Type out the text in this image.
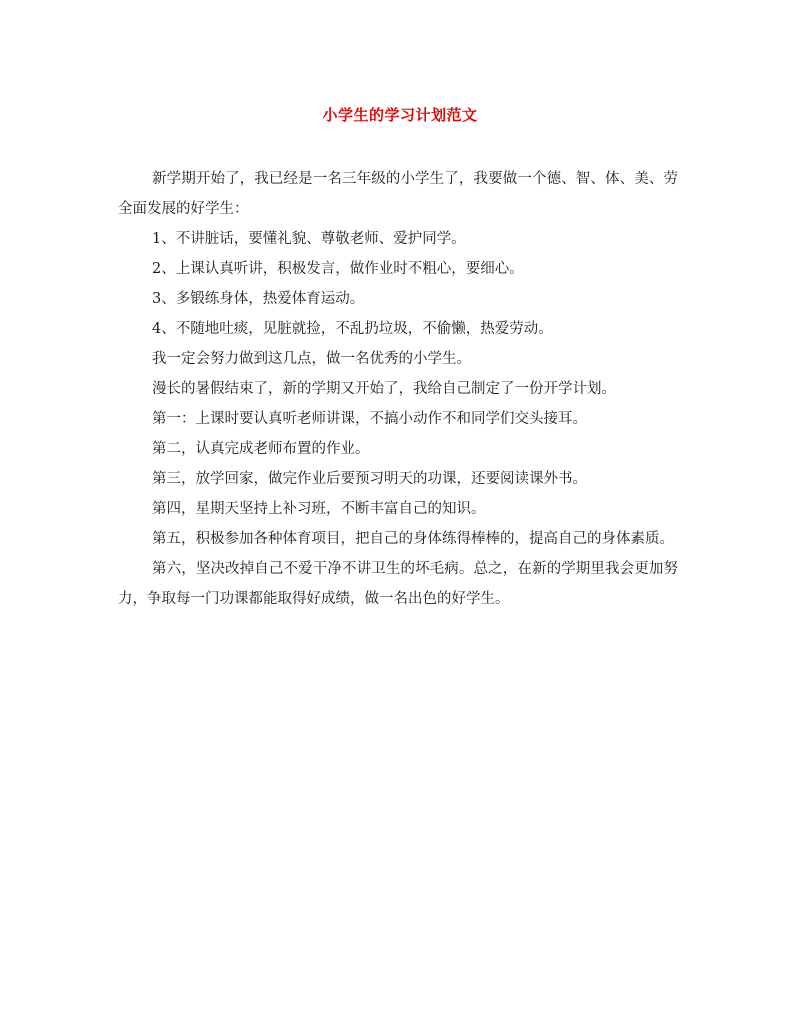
小学生的学习计划范文

新学期开始了，我已经是一名三年级的小学生了，我要做一个德、智、体、美、劳全面发展的好学生：

1、不讲脏话，要懂礼貌、尊敬老师、爱护同学。

2、上课认真听讲，积极发言，做作业时不粗心，要细心。

3、多锻练身体，热爱体育运动。

4、不随地吐痰，见脏就捡，不乱扔垃圾，不偷懒，热爱劳动。

我一定会努力做到这几点，做一名优秀的小学生。

漫长的暑假结束了，新的学期又开始了，我给自己制定了一份开学计划。

第一：上课时要认真听老师讲课，不搞小动作不和同学们交头接耳。

第二，认真完成老师布置的作业。

第三，放学回家，做完作业后要预习明天的功课，还要阅读课外书。

第四，星期天坚持上补习班，不断丰富自己的知识。

第五，积极参加各种体育项目，把自己的身体练得棒棒的，提高自己的身体素质。

第六，坚决改掉自己不爱干净不讲卫生的坏毛病。总之，在新的学期里我会更加努力，争取每一门功课都能取得好成绩，做一名出色的好学生。
